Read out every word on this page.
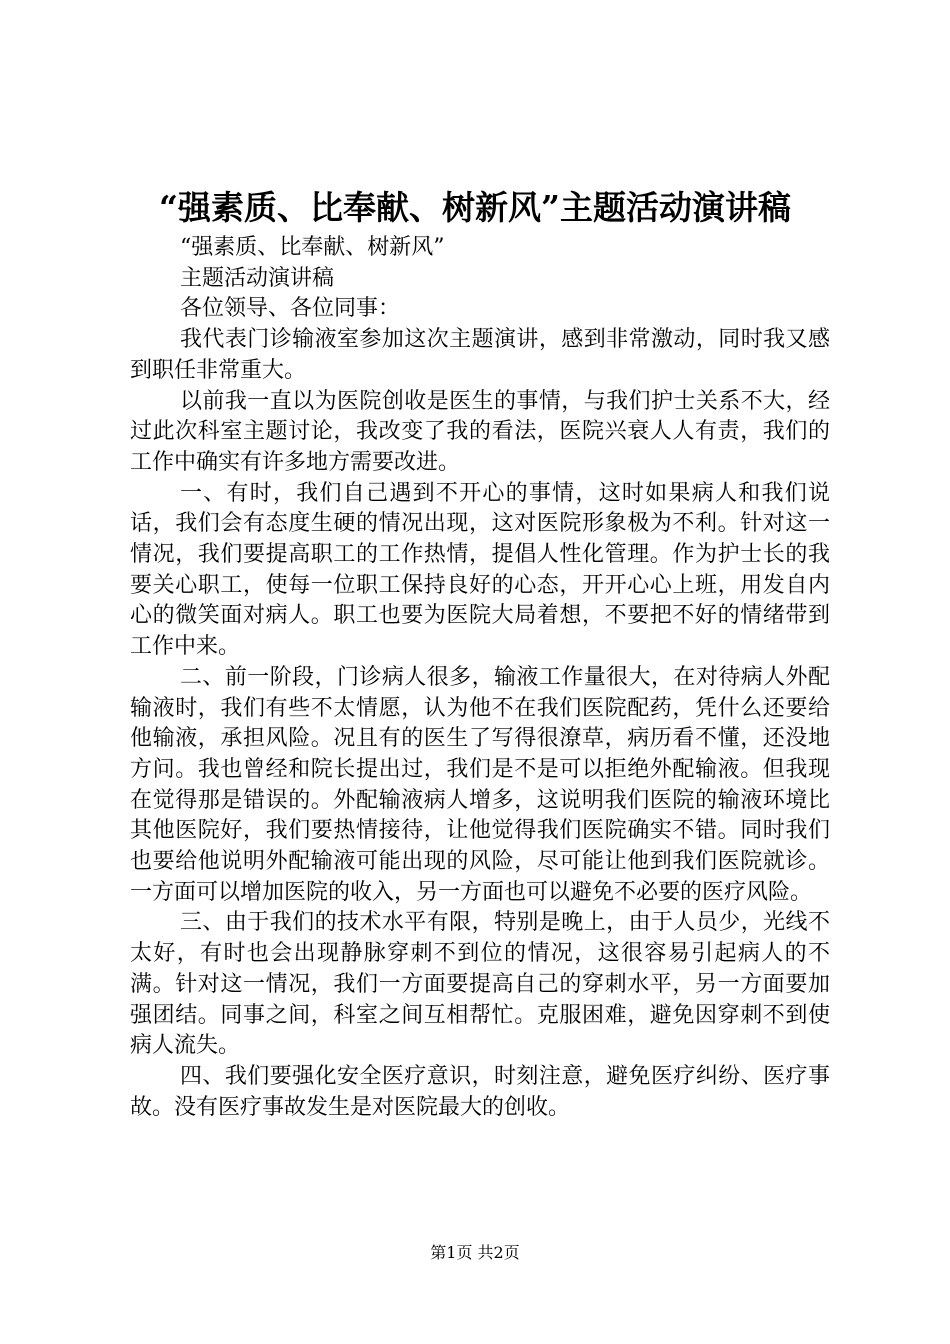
“强素质、比奉献、树新风”主题活动演讲稿

“强素质、比奉献、树新风”

主题活动演讲稿

各位领导、各位同事：

我代表门诊输液室参加这次主题演讲，感到非常激动，同时我又感到职任非常重大。

以前我一直以为医院创收是医生的事情，与我们护士关系不大，经过此次科室主题讨论，我改变了我的看法，医院兴衰人人有责，我们的工作中确实有许多地方需要改进。

一、有时，我们自己遇到不开心的事情，这时如果病人和我们说话，我们会有态度生硬的情况出现，这对医院形象极为不利。针对这一情况，我们要提高职工的工作热情，提倡人性化管理。作为护士长的我要关心职工，使每一位职工保持良好的心态，开开心心上班，用发自内心的微笑面对病人。职工也要为医院大局着想，不要把不好的情绪带到工作中来。

二、前一阶段，门诊病人很多，输液工作量很大，在对待病人外配输液时，我们有些不太情愿，认为他不在我们医院配药，凭什么还要给他输液，承担风险。况且有的医生了写得很潦草，病历看不懂，还没地方问。我也曾经和院长提出过，我们是不是可以拒绝外配输液。但我现在觉得那是错误的。外配输液病人增多，这说明我们医院的输液环境比其他医院好，我们要热情接待，让他觉得我们医院确实不错。同时我们也要给他说明外配输液可能出现的风险，尽可能让他到我们医院就诊。一方面可以增加医院的收入，另一方面也可以避免不必要的医疗风险。

三、由于我们的技术水平有限，特别是晚上，由于人员少，光线不太好，有时也会出现静脉穿刺不到位的情况，这很容易引起病人的不满。针对这一情况，我们一方面要提高自己的穿刺水平，另一方面要加强团结。同事之间，科室之间互相帮忙。克服困难，避免因穿刺不到使病人流失。

四、我们要强化安全医疗意识，时刻注意，避免医疗纠纷、医疗事故。没有医疗事故发生是对医院最大的创收。

第1页 共2页
